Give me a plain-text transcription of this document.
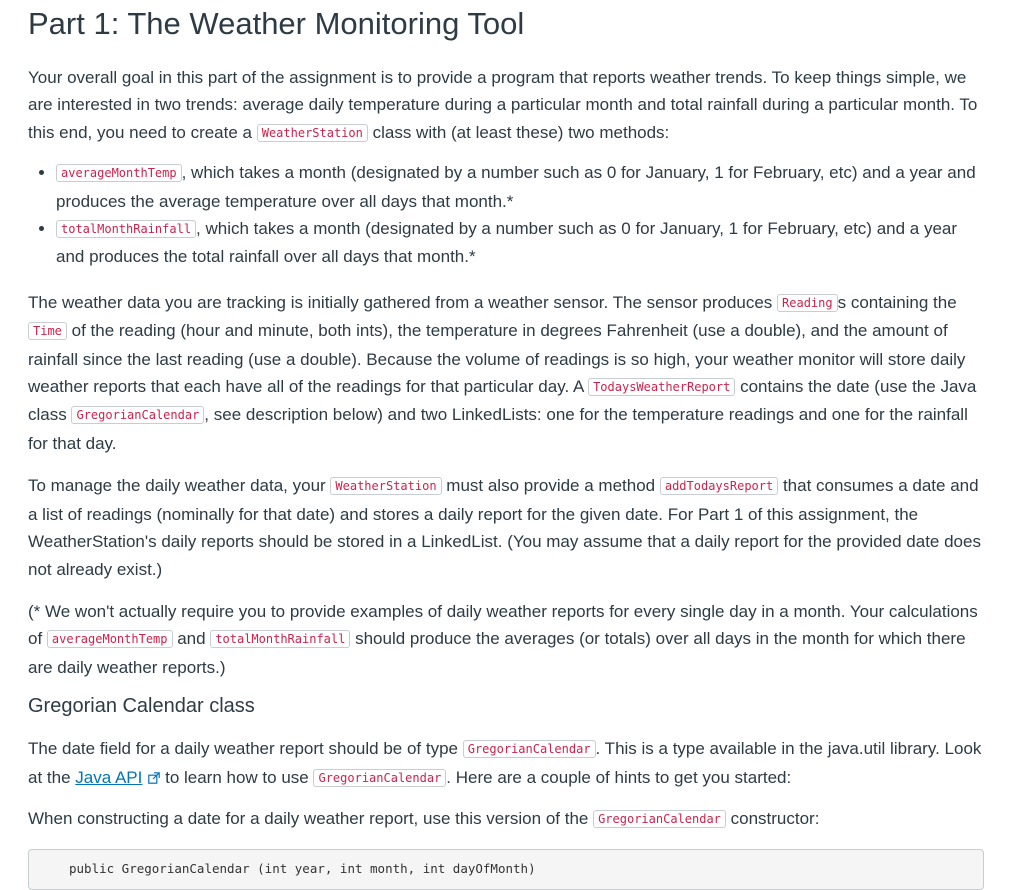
Part 1: The Weather Monitoring Tool

Your overall goal in this part of the assignment is to provide a program that reports weather trends. To keep things simple, we are interested in two trends: average daily temperature during a particular month and total rainfall during a particular month. To this end, you need to create a WeatherStation class with (at least these) two methods:

• averageMonthTemp , which takes a month (designated by a number such as 0 for January, 1 for February, etc) and a year and produces the average temperature over all days that month.*
• totalMonthRainfall , which takes a month (designated by a number such as 0 for January, 1 for February, etc) and a year and produces the total rainfall over all days that month.*

The weather data you are tracking is initially gathered from a weather sensor. The sensor produces Reading s containing the Time of the reading (hour and minute, both ints), the temperature in degrees Fahrenheit (use a double), and the amount of rainfall since the last reading (use a double). Because the volume of readings is so high, your weather monitor will store daily weather reports that each have all of the readings for that particular day. A TodaysWeatherReport contains the date (use the Java class GregorianCalendar , see description below) and two LinkedLists: one for the temperature readings and one for the rainfall for that day.

To manage the daily weather data, your WeatherStation must also provide a method addTodaysReport that consumes a date and a list of readings (nominally for that date) and stores a daily report for the given date. For Part 1 of this assignment, the WeatherStation's daily reports should be stored in a LinkedList. (You may assume that a daily report for the provided date does not already exist.)

(* We won't actually require you to provide examples of daily weather reports for every single day in a month. Your calculations of averageMonthTemp and totalMonthRainfall should produce the averages (or totals) over all days in the month for which there are daily weather reports.)

Gregorian Calendar class

The date field for a daily weather report should be of type GregorianCalendar . This is a type available in the java.util library. Look at the Java API to learn how to use GregorianCalendar . Here are a couple of hints to get you started:

When constructing a date for a daily weather report, use this version of the GregorianCalendar constructor:

public GregorianCalendar (int year, int month, int dayOfMonth)
